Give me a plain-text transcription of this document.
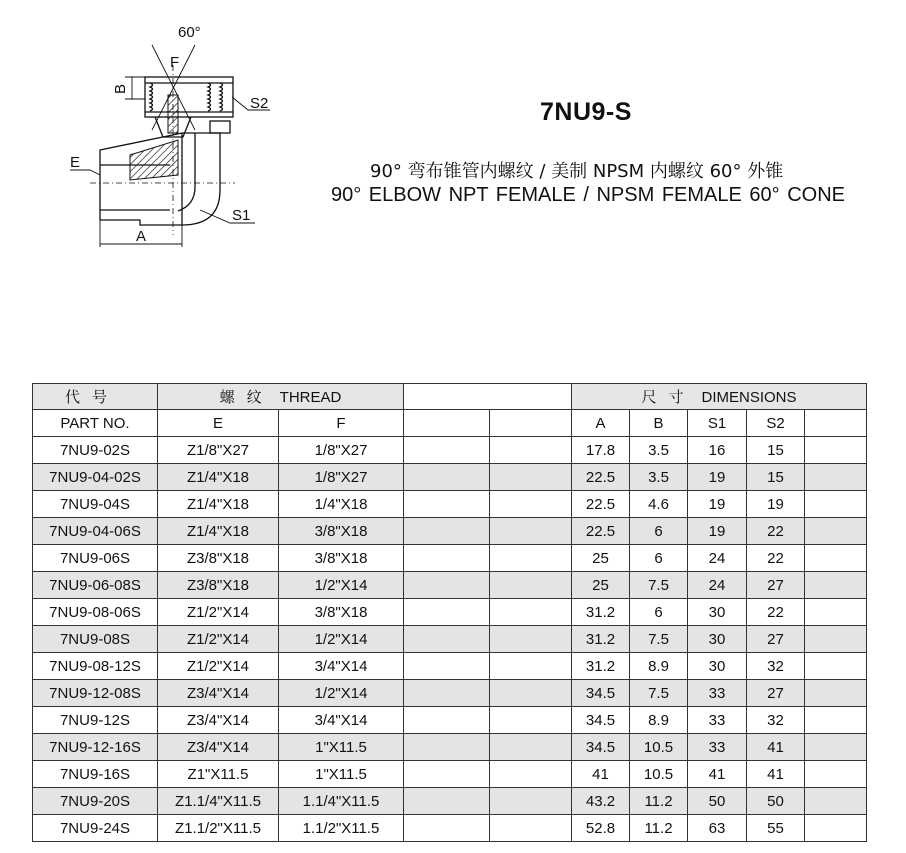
60°
F
B
S2
E
S1
A
7NU9-S
90° 弯布锥管内螺纹 / 美制 NPSM 内螺纹 60° 外锥
90° ELBOW NPT FEMALE / NPSM FEMALE 60° CONE
代号	螺纹 THREAD				尺寸 DIMENSIONS				
PART NO.	E	F			A	B	S1	S2	
7NU9-02S	Z1/8"X27	1/8"X27			17.8	3.5	16	15	
7NU9-04-02S	Z1/4"X18	1/8"X27			22.5	3.5	19	15	
7NU9-04S	Z1/4"X18	1/4"X18			22.5	4.6	19	19	
7NU9-04-06S	Z1/4"X18	3/8"X18			22.5	6	19	22	
7NU9-06S	Z3/8"X18	3/8"X18			25	6	24	22	
7NU9-06-08S	Z3/8"X18	1/2"X14			25	7.5	24	27	
7NU9-08-06S	Z1/2"X14	3/8"X18			31.2	6	30	22	
7NU9-08S	Z1/2"X14	1/2"X14			31.2	7.5	30	27	
7NU9-08-12S	Z1/2"X14	3/4"X14			31.2	8.9	30	32	
7NU9-12-08S	Z3/4"X14	1/2"X14			34.5	7.5	33	27	
7NU9-12S	Z3/4"X14	3/4"X14			34.5	8.9	33	32	
7NU9-12-16S	Z3/4"X14	1"X11.5			34.5	10.5	33	41	
7NU9-16S	Z1"X11.5	1"X11.5			41	10.5	41	41	
7NU9-20S	Z1.1/4"X11.5	1.1/4"X11.5			43.2	11.2	50	50	
7NU9-24S	Z1.1/2"X11.5	1.1/2"X11.5			52.8	11.2	63	55	
